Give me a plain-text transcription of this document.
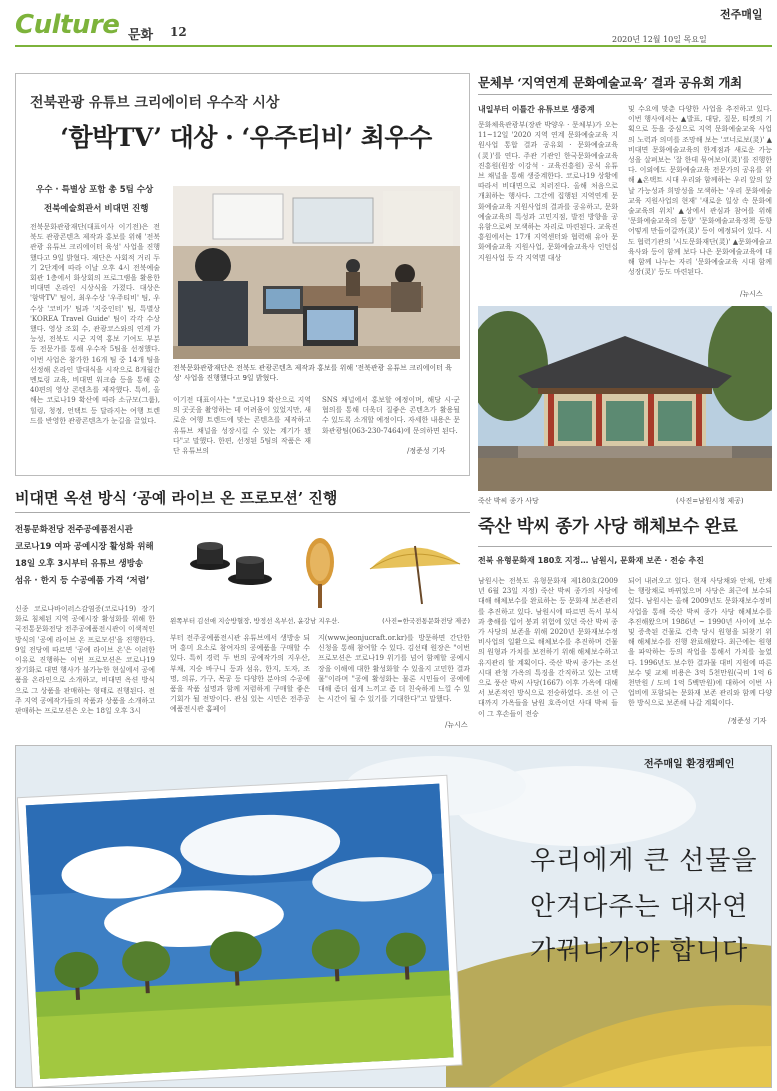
Culture 문화 12
전주매일
2020년 12월 10일 목요일
전북관광 유튜브 크리에이터 우수작 시상
‘함박TV’ 대상 · ‘우주티비’ 최우수
우수 · 특별상 포함 총 5팀 수상
전북예술회관서 비대면 진행
전북문화관광재단(대표이사 이기전)은 전북도 관광콘텐츠 제작과 홍보를 위해 '전북관광 유튜브 크리에이터 육성' 사업을 진행했다고 9일 밝혔다. 재단은 사회적 거리 두기 2단계에 따라 이날 오후 4시 전북예술회관 1층에서 화상회의 프로그램을 활용한 비대면 온라인 시상식을 가졌다. 대상은 '함박TV' 팀이, 최우수상 '우주티비' 팀, 우수상 '코비가' 팀과 '지중인터' 팀, 특별상 'KOREA Travel Guide' 팀이 각각 수상했다. 영상 조회 수, 관광코스와의 연계 가능성, 전북도 시군 지역 홍보 기여도 부분 등 전문가를 통해 우수작 5팀을 선정했다. 이번 사업은 참가한 16개 팀 중 14개 팀을 선정해 온라인 발대식을 시작으로 8개월간 멘토링 교육, 비대면 워크숍 등을 통해 총 40편의 영상 콘텐츠를 제작했다. 특히, 올해는 코로나19 확산에 따라 소규모(그룹), 힐링, 청정, 언택트 등 달라지는 여행 트렌드를 반영한 관광콘텐츠가 눈길을 끌었다.
전북문화관광재단은 전북도 관광콘텐츠 제작과 홍보를 위해 '전북관광 유튜브 크리에이터 육성' 사업을 진행했다고 9일 밝혔다.
이기전 대표이사는 "코로나19 확산으로 지역의 곳곳을 촬영하는 데 어려움이 있었지만, 새로운 여행 트렌드에 맞는 콘텐츠를 제작하고 유튜브 채널을 성장시킬 수 있는 계기가 됐다"고 말했다. 한편, 선정된 5팀의 작품은 재단 유튜브의
SNS 채널에서 홍보할 예정이며, 해당 시·군 협의를 통해 더욱더 질좋은 콘텐츠가 활용될 수 있도록 소개할 예정이다. 자세한 내용은 문화관광팀(063-230-7464)에 문의하면 된다.
/정준성 기자
비대면 옥션 방식 ‘공예 라이브 온 프로모션’ 진행
전통문화전당 전주공예품전시관
코로나19 여파 공예시장 활성화 위해
18일 오후 3시부터 유튜브 생방송
섬유 · 한지 등 수공예품 가격 ‘저렴’
신종 코로나바이러스감염증(코로나19) 장기화로 침체된 지역 공예시장 활성화를 위해 한국전통문화전당 전주공예품전시관이 이색적인 방식의 '공예 라이브 온 프로모션'을 진행한다. 9일 전당에 따르면 '공예 라이브 온'은 이러한 이유로 진행하는 이번 프로모션은 코로나19 장기화로 대면 행사가 불가능한 현실에서 공예품을 온라인으로 소개하고, 비대면 옥션 방식으로 그 상품을 판매하는 형태로 진행된다. 전주 지역 공예작가들의 작품과 상품을 소개하고 판매하는 프로모션은 오는 18일 오후 3시
왼쪽부터 김선애 지승방혈장, 방정선 옥부선, 윤강남 지우산.	(사진=한국전통문화전당 제공)
부터 전주공예품전시관 유튜브에서 생방송 되며 흥미 요소로 참여자의 공예품을 구매할 수 있다. 특히 경력 두 번의 공예작가의 지우산, 부채, 지승 바구니 등과 섬유, 한지, 도자, 조명, 의류, 가구, 목공 등 다양한 분야의 수공예품을 작품 설명과 함께 저렴하게 구매할 좋은 기회가 될 전망이다. 관심 있는 시민은 전주공예품전시관 홈페이
지(www.jeonjucraft.or.kr)를 방문하면 간단한 신청을 통해 참여할 수 있다. 김선태 원장은 "이번 프로모션은 코로나19 위기를 넘어 함께할 공예시장을 이해에 대한 활성화할 수 있을지 고민한 결과물"이라며 "공예 활성화는 물론 시민들이 공예에 대해 좀더 쉽게 느끼고 좀 더 친숙하게 느낄 수 있는 시간이 될 수 있기를 기대한다"고 말했다.
/뉴시스
문체부 ‘지역연계 문화예술교육’ 결과 공유회 개최
내일부터 이틀간 유튜브로 생중계
문화체육관광부(장관 박양우 · 문체부)가 오는 11~12일 '2020 지역 연계 문화예술교육 지원사업 통합 결과 공유회 · 문화예술교육(灵)'를 연다. 주관 기관인 한국문화예술교육진흥원(원장 이강석 · 교육진흥원) 공식 유튜브 채널을 통해 생중계한다. 코로나19 상황에 따라서 비대면으로 치러진다. 올해 처음으로 개최하는 행사다. 그간에 집행된 지역연계 문화예술교육 지원사업의 결과를 공유하고, 문화예술교육의 특성과 고민지점, 발전 방향을 공유함으로써 모색하는 자리로 마련된다. 교육진흥원에서는 17개 지역센터와 협력해 유아 문화예술교육 지원사업, 문화예술교육사 인턴십 지원사업 등 각 지역별 대상
및 수요에 맞춘 다양한 사업을 추진하고 있다. 이번 행사에서는 ▲발표, 대담, 질문, 티켓의 기획으로 등을 중심으로 지역 문화예술교육 사업의 노력과 의미를 조망해 보는 '코너로보(灵)' ▲ 비대면 문화예술교육의 한계점과 새로운 가능성을 살펴보는 '잘 한데 묶여보이(灵)'를 진행한다. 이외에도 문화예술교육 전문가의 공유를 위해 ▲온택트 시대 우리와 함께하는 우리 앞의 앞날 가능성과 희망성을 모색하는 '우리 문화예술교육 지원사업의 현재' '새로운 일상 속 문화예술교육의 위치' ▲상에서 관심과 참여를 위해 '문화예술교육의 동향' '문화예술교육정책 동향 어떻게 만들어갈까(灵)' 등이 예정되어 있다. 시도 협력기관의 '시도문화재단(灵)' ▲문화예술교육사와 등이 함께 보다 나은 문화예술교육에 대해 함께 나누는 자리 '문화예술교육 시대 함께 성장(灵)' 등도 마련된다.
/뉴시스
죽산 박씨 종가 사당	(사진=남원시청 제공)
죽산 박씨 종가 사당 해체보수 완료
전북 유형문화재 180호 지정… 남원시, 문화재 보존 · 전승 추진
남원시는 전북도 유형문화재 제180호(2009년 6월 23일 지정) 죽산 박씨 종가의 사당에 대해 해체보수를 완료하는 등 문화재 보존관리를 추진하고 있다. 남원시에 따르면 독서 부식과 충해를 입어 붕괴 위험에 있던 죽산 박씨 종가 사당의 보존을 위해 2020년 문화재보수정비사업의 일환으로 해체보수를 추진하며 건물의 원형과 가치를 보전하기 위해 해체보수하고 유지관리 할 계획이다. 죽산 박씨 종가는 조선시대 관청 가옥의 특징을 간직하고 있는 고택으로 풍산 박씨 사당(1667) 이후 가옥에 대해서 보존적인 방식으로 전승하였다. 조선 이 근대까지 가옥들을 남원 호족이던 사대 박씨 들이 그 후손들이 전승
되어 내려오고 있다. 현재 사당채와 안채, 안채는 행랑채로 바뀌었으며 사당은 최근에 보수되었다. 남원시는 올해 2009년도 문화재보수정비사업을 통해 죽산 박씨 종가 사당 해체보수를 추진해왔으며 1986년 ~ 1990년 사이에 보수 및 증축된 건물로 건축 당시 원형을 되찾기 위해 해체보수를 진행 완료해왔다. 최근에는 원형을 파악하는 등의 작업을 통해서 가치를 높였다. 1996년도 보수한 결과물 대비 지원에 따른 보수 및 교체 비용은 3억 5천만원(국비 1억 6천만원 / 도비 1억 5백만원)에 대하여 이번 사업비에 포함되는 문화재 보존 관리와 함께 다양한 방식으로 보존해 나갈 계획이다.
/정준성 기자
전주매일 환경캠페인
우리에게 큰 선물을
안겨다주는 대자연
가꿔나가야 합니다
